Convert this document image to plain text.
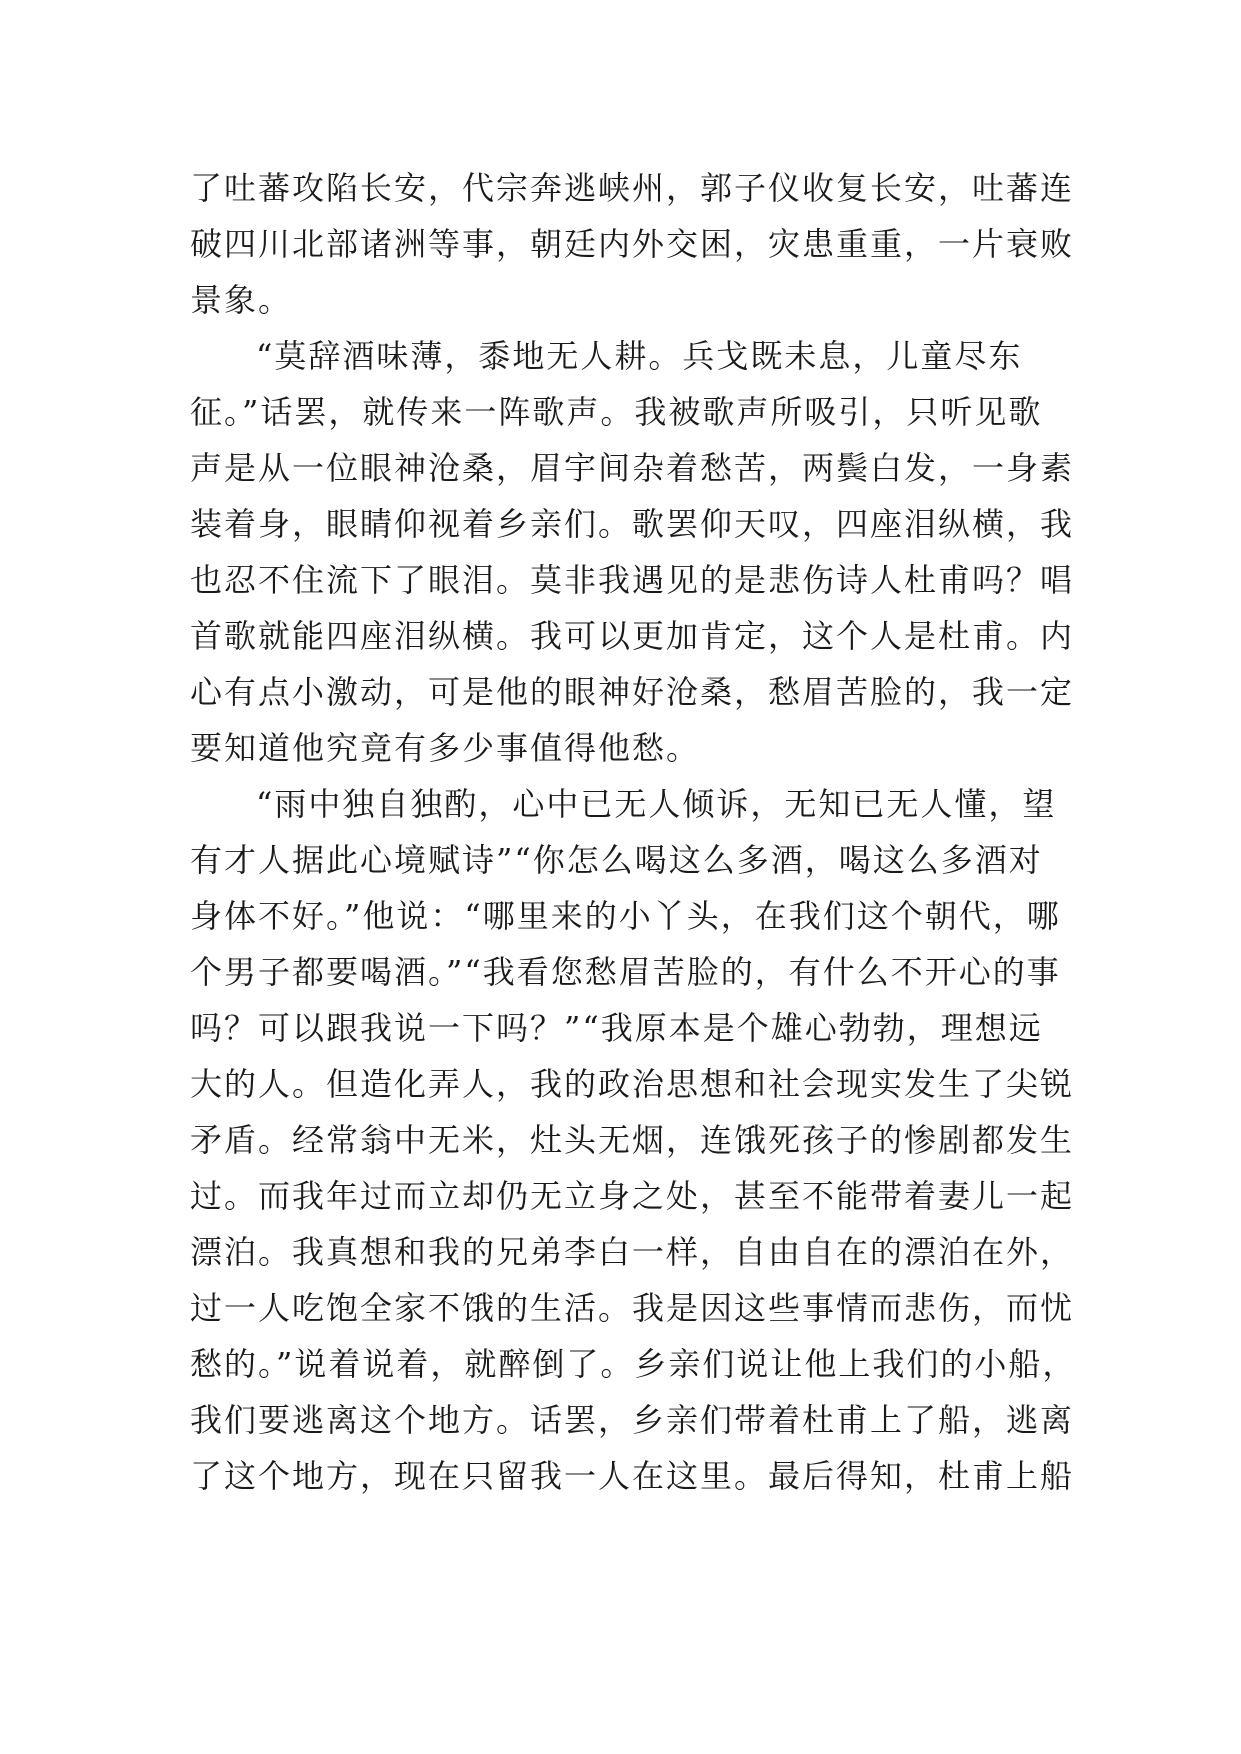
了吐蕃攻陷长安，代宗奔逃峡州，郭子仪收复长安，吐蕃连
破四川北部诸洲等事，朝廷内外交困，灾患重重，一片衰败
景象。
“莫辞酒味薄，黍地无人耕。兵戈既未息，儿童尽东
征。”话罢，就传来一阵歌声。我被歌声所吸引，只听见歌
声是从一位眼神沧桑，眉宇间杂着愁苦，两鬓白发，一身素
装着身，眼睛仰视着乡亲们。歌罢仰天叹，四座泪纵横，我
也忍不住流下了眼泪。莫非我遇见的是悲伤诗人杜甫吗？唱
首歌就能四座泪纵横。我可以更加肯定，这个人是杜甫。内
心有点小激动，可是他的眼神好沧桑，愁眉苦脸的，我一定
要知道他究竟有多少事值得他愁。
“雨中独自独酌，心中已无人倾诉，无知已无人懂，望
有才人据此心境赋诗”“你怎么喝这么多酒，喝这么多酒对
身体不好。”他说：“哪里来的小丫头，在我们这个朝代，哪
个男子都要喝酒。”“我看您愁眉苦脸的，有什么不开心的事
吗？可以跟我说一下吗？”“我原本是个雄心勃勃，理想远
大的人。但造化弄人，我的政治思想和社会现实发生了尖锐
矛盾。经常翁中无米，灶头无烟，连饿死孩子的惨剧都发生
过。而我年过而立却仍无立身之处，甚至不能带着妻儿一起
漂泊。我真想和我的兄弟李白一样，自由自在的漂泊在外，
过一人吃饱全家不饿的生活。我是因这些事情而悲伤，而忧
愁的。”说着说着，就醉倒了。乡亲们说让他上我们的小船，
我们要逃离这个地方。话罢，乡亲们带着杜甫上了船，逃离
了这个地方，现在只留我一人在这里。最后得知，杜甫上船
